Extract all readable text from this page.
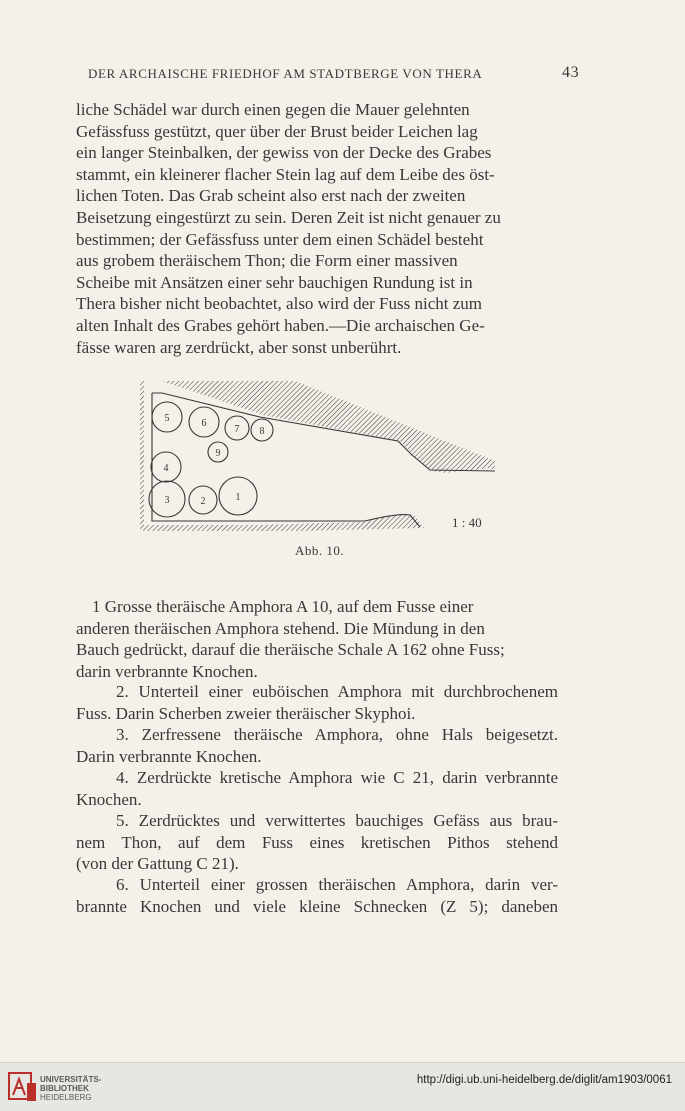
DER ARCHAISCHE FRIEDHOF AM STADTBERGE VON THERA	43
liche Schädel war durch einen gegen die Mauer gelehnten
Gefässfuss gestützt, quer über der Brust beider Leichen lag
ein langer Steinbalken, der gewiss von der Decke des Grabes
stammt, ein kleinerer flacher Stein lag auf dem Leibe des öst-
lichen Toten. Das Grab scheint also erst nach der zweiten
Beisetzung eingestürzt zu sein. Deren Zeit ist nicht genauer zu
bestimmen; der Gefässfuss unter dem einen Schädel besteht
aus grobem theräischem Thon; die Form einer massiven
Scheibe mit Ansätzen einer sehr bauchigen Rundung ist in
Thera bisher nicht beobachtet, also wird der Fuss nicht zum
alten Inhalt des Grabes gehört haben.—Die archaischen Ge-
fässe waren arg zerdrückt, aber sonst unberührt.
5	6
7 8
9
4
3	2	1
1 : 40
Abb. 10.
1 Grosse theräische Amphora A 10, auf dem Fusse einer
anderen theräischen Amphora stehend. Die Mündung in den
Bauch gedrückt, darauf die theräische Schale A 162 ohne Fuss;
darin verbrannte Knochen.
2. Unterteil einer euböischen Amphora mit durchbrochenem
Fuss. Darin Scherben zweier theräischer Skyphoi.
3. Zerfressene theräische Amphora, ohne Hals beigesetzt.
Darin verbrannte Knochen.
4. Zerdrückte kretische Amphora wie C 21, darin verbrannte
Knochen.
5. Zerdrücktes und verwittertes bauchiges Gefäss aus brau-
nem Thon, auf dem Fuss eines kretischen Pithos stehend
(von der Gattung C 21).
6. Unterteil einer grossen theräischen Amphora, darin ver-
brannte Knochen und viele kleine Schnecken (Z 5); daneben
UNIVERSITÄTS-
BIBLIOTHEK
HEIDELBERG
http://digi.ub.uni-heidelberg.de/diglit/am1903/0061
